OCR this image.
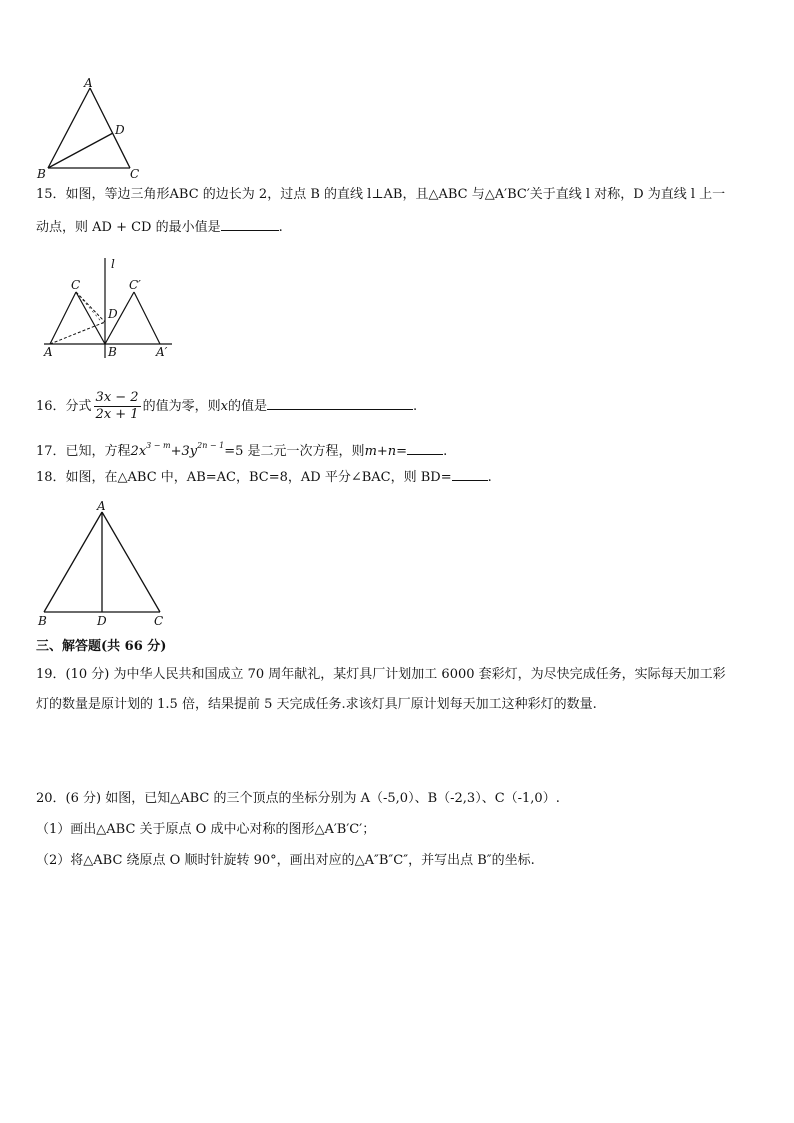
A
D
B	C
15．如图，等边三角形ABC 的边长为 2，过点 B 的直线 l⊥AB，且△ABC 与△A′BC′关于直线 l 对称，D 为直线 l 上一
动点，则 AD + CD 的最小值是	.
l
C	C′
D
A	B	A′
16．分式 $\frac{3x - 2}{2x + 1}$ 的值为零，则x的值是	.
17．已知，方程$2x^{3 - m}+3y^{2n - 1}=5$ 是二元一次方程，则m+n=	.
18．如图，在△ABC 中，AB=AC，BC=8，AD 平分∠BAC，则 BD=	.
A
B	D	C
三、解答题(共 66 分)
19．(10 分) 为中华人民共和国成立 70 周年献礼，某灯具厂计划加工 6000 套彩灯，为尽快完成任务，实际每天加工彩
灯的数量是原计划的 1.5 倍，结果提前 5 天完成任务.求该灯具厂原计划每天加工这种彩灯的数量.
20．(6 分) 如图，已知△ABC 的三个顶点的坐标分别为 A（-5,0）、B（-2,3）、C（-1,0）.
（1）画出△ABC 关于原点 O 成中心对称的图形△A′B′C′；
（2）将△ABC 绕原点 O 顺时针旋转 90°，画出对应的△A″B″C″，并写出点 B″的坐标.
